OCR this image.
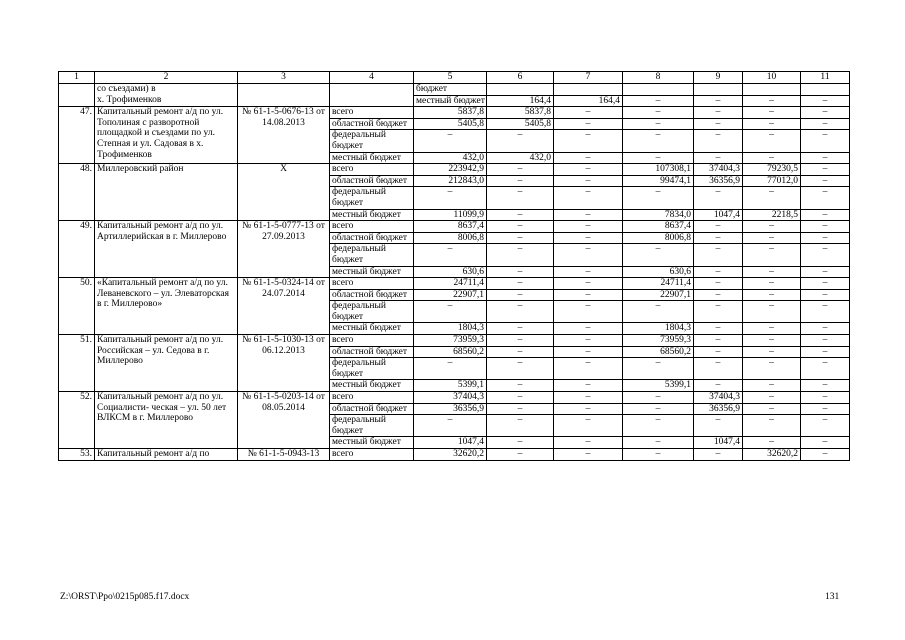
1	2	3	4	5	6	7	8	9	10	11	
	со съездами) в
х. Трофименков			бюджет							
				местный бюджет	164,4	164,4	–	–	–	–	
47.	Капитальный ремонт а/д по ул. Тополиная с разворотной площадкой и съездами по ул. Степная и ул. Садовая в х. Трофименков	№ 61-1-5-0676-13 от 14.08.2013	всего	5837,8	5837,8	–	–	–	–	–	
			областной бюджет	5405,8	5405,8	–	–	–	–	–	
			федеральный бюджет	–	–	–	–	–	–	–	
			местный бюджет	432,0	432,0	–	–	–	–	–	
48.	Миллеровский район	Х	всего	223942,9	–	–	107308,1	37404,3	79230,5	–	
			областной бюджет	212843,0	–	–	99474,1	36356,9	77012,0	–	
			федеральный бюджет	–	–	–	–	–	–	–	
			местный бюджет	11099,9	–	–	7834,0	1047,4	2218,5	–	
49.	Капитальный ремонт а/д по ул. Артиллерийская в г. Миллерово	№ 61-1-5-0777-13 от 27.09.2013	всего	8637,4	–	–	8637,4	–	–	–	
			областной бюджет	8006,8	–	–	8006,8	–	–	–	
			федеральный бюджет	–	–	–	–	–	–	–	
			местный бюджет	630,6	–	–	630,6	–	–	–	
50.	«Капитальный ремонт а/д по ул. Леваневского – ул. Элеваторская в г. Миллерово»	№ 61-1-5-0324-14 от 24.07.2014	всего	24711,4	–	–	24711,4	–	–	–	
			областной бюджет	22907,1	–	–	22907,1	–	–	–	
			федеральный бюджет	–	–	–	–	–	–	–	
			местный бюджет	1804,3	–	–	1804,3	–	–	–	
51.	Капитальный ремонт а/д по ул. Российская – ул. Седова в г. Миллерово	№ 61-1-5-1030-13 от 06.12.2013	всего	73959,3	–	–	73959,3	–	–	–	
			областной бюджет	68560,2	–	–	68560,2	–	–	–	
			федеральный бюджет	–	–	–	–	–	–	–	
			местный бюджет	5399,1	–	–	5399,1	–	–	–	
52.	Капитальный ремонт а/д по ул. Социалисти- ческая – ул. 50 лет ВЛКСМ в г. Миллерово	№ 61-1-5-0203-14 от 08.05.2014	всего	37404,3	–	–	–	37404,3	–	–	
			областной бюджет	36356,9	–	–	–	36356,9	–	–	
			федеральный бюджет	–	–	–	–	–	–	–	
			местный бюджет	1047,4	–	–	–	1047,4	–	–	
53.	Капитальный ремонт а/д по	№ 61-1-5-0943-13	всего	32620,2	–	–	–	–	32620,2	–	
Z:\ORST\Ppo\0215p085.f17.docx	131
